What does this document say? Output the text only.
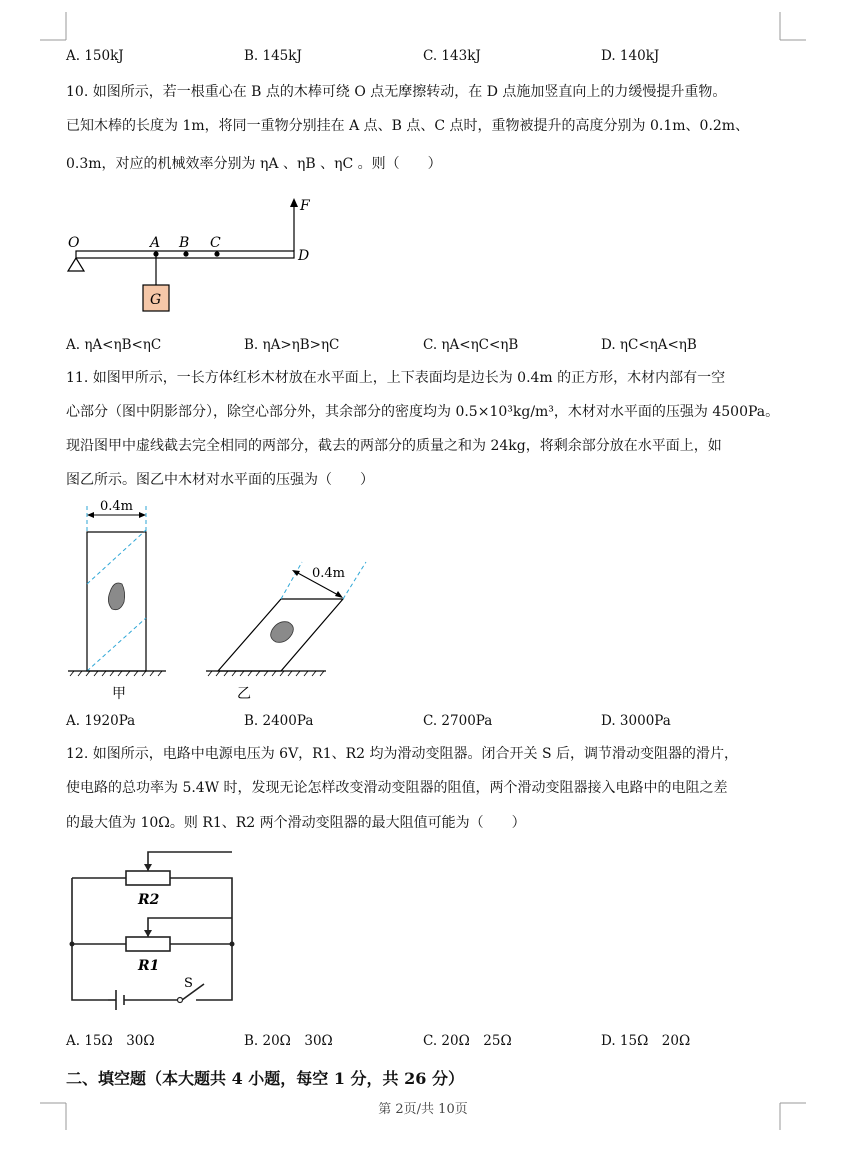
A. 150kJ	B. 145kJ	C. 143kJ	D. 140kJ
10. 如图所示，若一根重心在 B 点的木棒可绕 O 点无摩擦转动，在 D 点施加竖直向上的力缓慢提升重物。
已知木棒的长度为 1m，将同一重物分别挂在 A 点、B 点、C 点时，重物被提升的高度分别为 0.1m、0.2m、
0.3m，对应的机械效率分别为 ηA 、ηB 、ηC 。则（　　）
O	A B C
D
F
G
A. ηA<ηB<ηC	B. ηA>ηB>ηC	C. ηA<ηC<ηB	D. ηC<ηA<ηB
11. 如图甲所示，一长方体红杉木材放在水平面上，上下表面均是边长为 0.4m 的正方形，木材内部有一空
心部分（图中阴影部分），除空心部分外，其余部分的密度均为 0.5×10³kg/m³，木材对水平面的压强为 4500Pa。
现沿图甲中虚线截去完全相同的两部分，截去的两部分的质量之和为 24kg，将剩余部分放在水平面上，如
图乙所示。图乙中木材对水平面的压强为（　　）
0.4m
甲
0.4m
乙
A. 1920Pa	B. 2400Pa	C. 2700Pa	D. 3000Pa
12. 如图所示，电路中电源电压为 6V，R1、R2 均为滑动变阻器。闭合开关 S 后，调节滑动变阻器的滑片，
使电路的总功率为 5.4W 时，发现无论怎样改变滑动变阻器的阻值，两个滑动变阻器接入电路中的电阻之差
的最大值为 10Ω。则 R1、R2 两个滑动变阻器的最大阻值可能为（　　）
R2
R1
S
A. 15Ω　30Ω	B. 20Ω　30Ω	C. 20Ω　25Ω	D. 15Ω　20Ω
二、填空题（本大题共 4 小题，每空 1 分，共 26 分）
第 2页/共 10页
